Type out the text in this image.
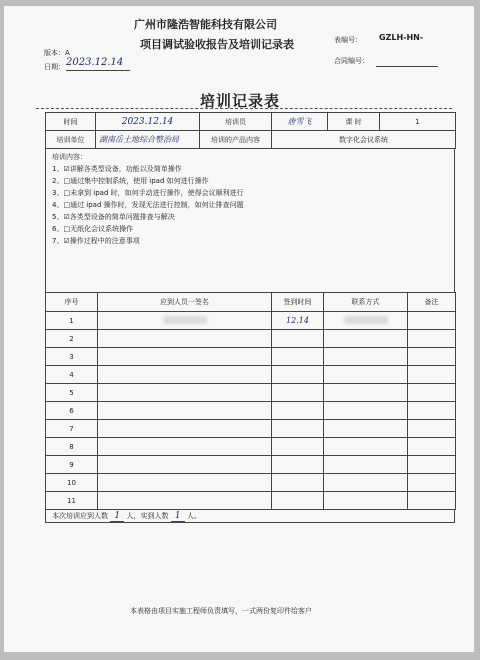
广州市隆浩智能科技有限公司
项目调试验收报告及培训记录表
版本：A
日期： 2023.12.14
表编号： GZLH-HN-
合同编号：
培训记录表
时间	2023.12.14	培训员	唐雪飞	课 时	1
培训单位	湖南岳土地综合整治局	培训的产品内容	数字化会议系统		
培训内容：
1、☑讲解各类型设备，功能以及简单操作
2、□通过集中控制系统，使用 ipad 如何进行操作
3、□未拿到 ipad 时，如何手动进行操作，使得会议顺利进行
4、□通过 ipad 操作时，发现无法进行控制，如何让排查问题
5、☑各类型设备的简单问题排查与解决
6、□无纸化会议系统操作
7、☑操作过程中的注意事项
序号	应到人员一签名	签到时间	联系方式	备注
1		12.14		
2				
3				
4				
5				
6				
7				
8				
9				
10				
11				
本次培训应到人数 1 人，实到人数 1 人。
本表格由项目实施工程师负责填写，一式两份复印件给客户
